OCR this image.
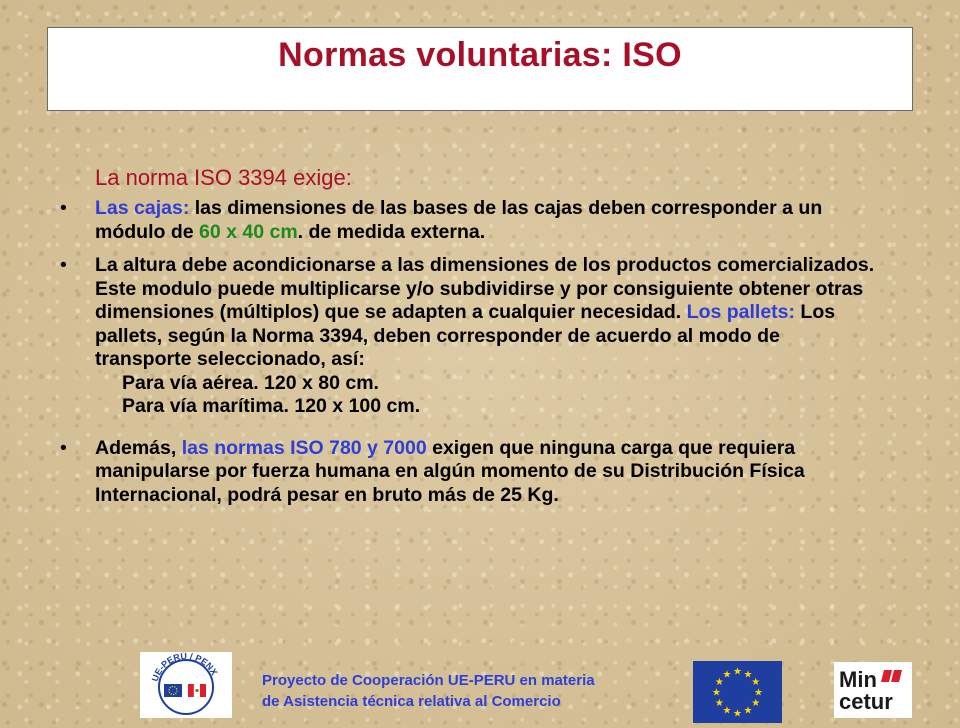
Normas voluntarias: ISO

La norma ISO 3394 exige:

• Las cajas: las dimensiones de las bases de las cajas deben corresponder a un módulo de 60 x 40 cm. de medida externa.
• La altura debe acondicionarse a las dimensiones de los productos comercializados. Este modulo puede multiplicarse y/o subdividirse y por consiguiente obtener otras dimensiones (múltiplos) que se adapten a cualquier necesidad. Los pallets: Los pallets, según la Norma 3394, deben corresponder de acuerdo al modo de transporte seleccionado, así:
Para vía aérea. 120 x 80 cm.
Para vía marítima. 120 x 100 cm.
• Además, las normas ISO 780 y 7000 exigen que ninguna carga que requiera manipularse por fuerza humana en algún momento de su Distribución Física Internacional, podrá pesar en bruto más de 25 Kg.
UE-PERÚ / PENX
Proyecto de Cooperación UE-PERU en materia
de Asistencia técnica relativa al Comercio
★ ★
★
★
★
★
★
★
★
★
★
★	Min
cetur
